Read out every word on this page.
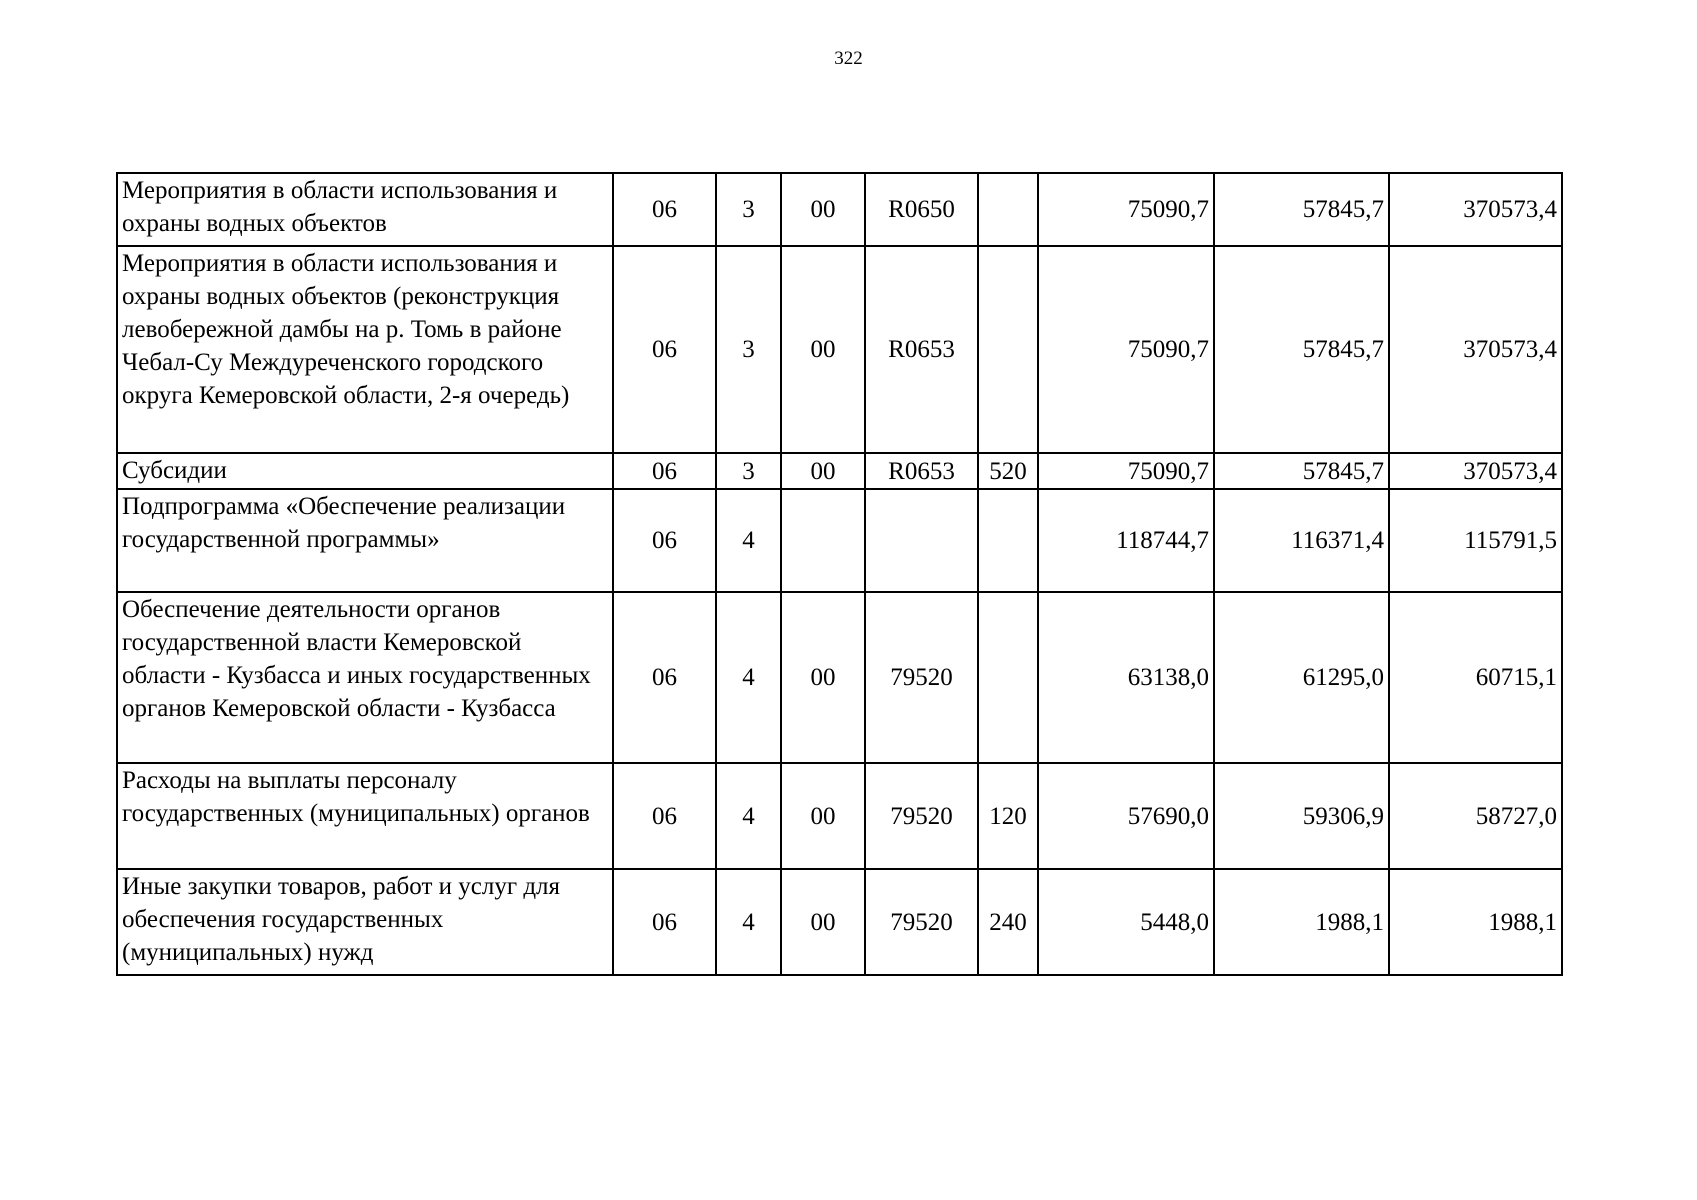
322
Мероприятия в области использования и охраны водных объектов	06	3	00	R0650		75090,7	57845,7	370573,4
Мероприятия в области использования и охраны водных объектов (реконструкция левобережной дамбы на р. Томь в районе Чебал-Су Междуреченского городского округа Кемеровской области, 2-я очередь)	06	3	00	R0653		75090,7	57845,7	370573,4
Субсидии	06	3	00	R0653	520	75090,7	57845,7	370573,4
Подпрограмма «Обеспечение реализации государственной программы»	06	4				118744,7	116371,4	115791,5
Обеспечение деятельности органов государственной власти Кемеровской области - Кузбасса и иных государственных органов Кемеровской области - Кузбасса	06	4	00	79520		63138,0	61295,0	60715,1
Расходы на выплаты персоналу государственных (муниципальных) органов	06	4	00	79520	120	57690,0	59306,9	58727,0
Иные закупки товаров, работ и услуг для обеспечения государственных (муниципальных) нужд	06	4	00	79520	240	5448,0	1988,1	1988,1
